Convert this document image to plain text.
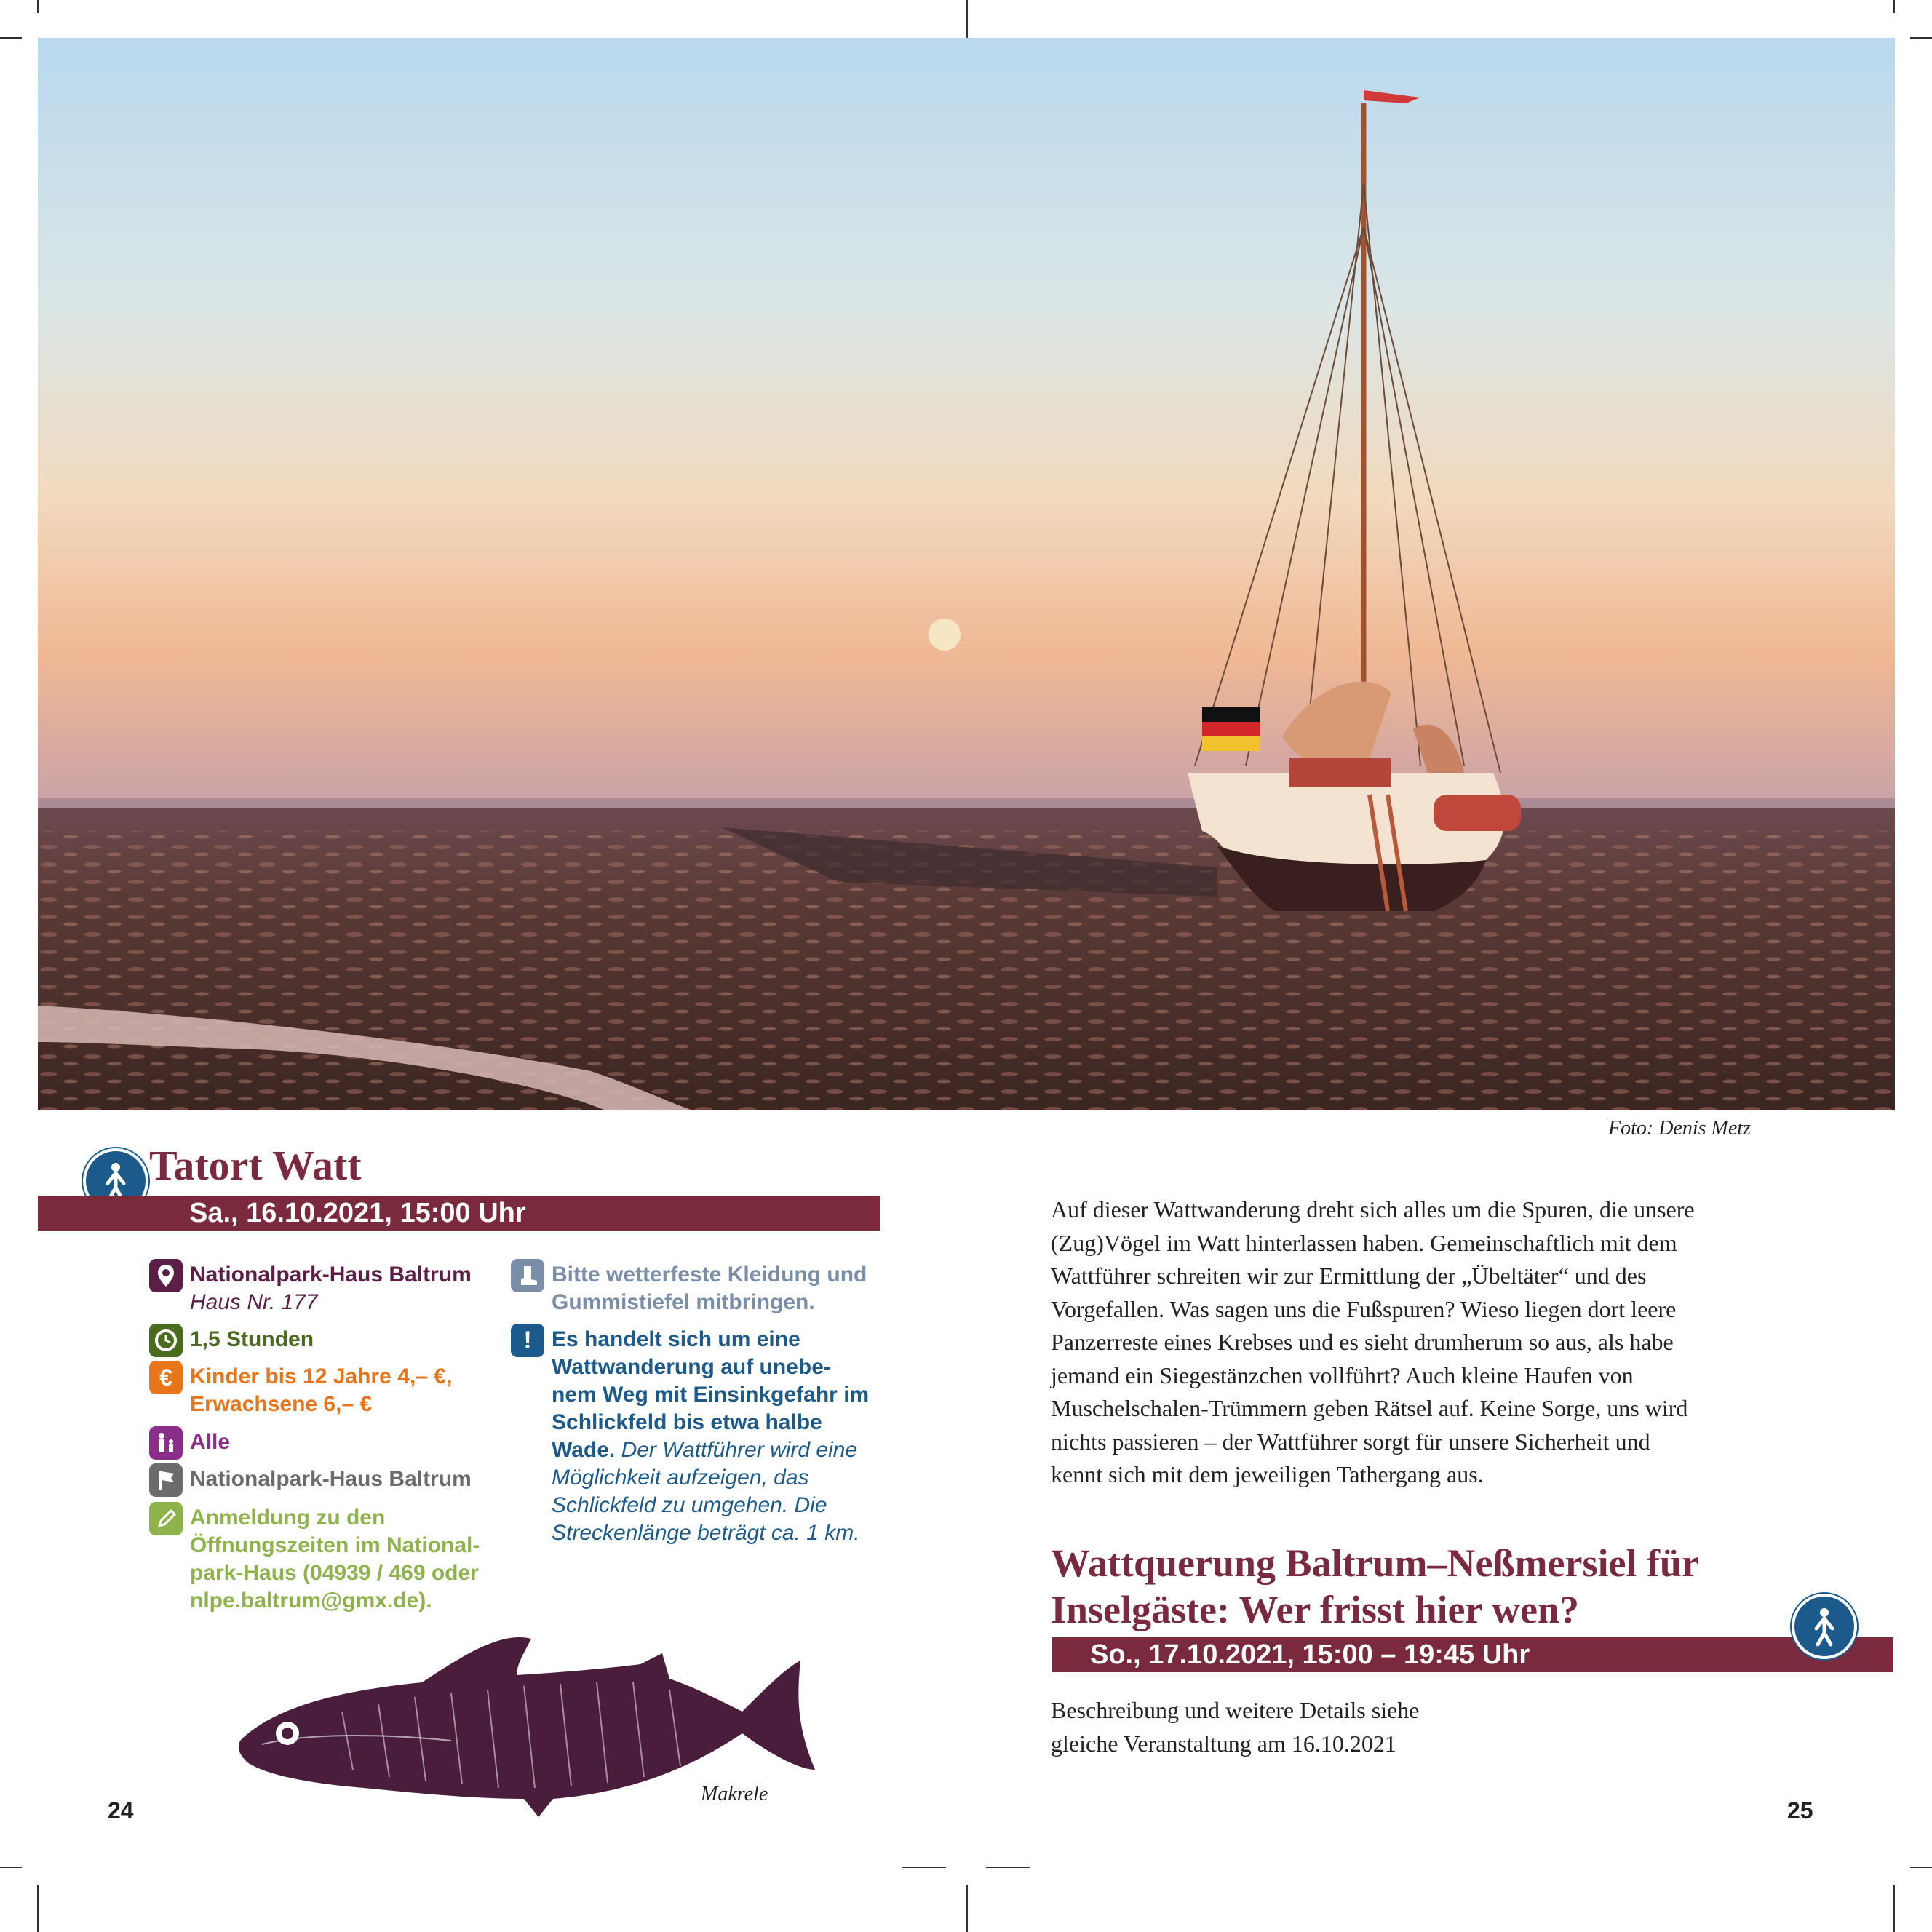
Foto: Denis Metz
Tatort Watt
Sa., 16.10.2021, 15:00 Uhr
Nationalpark-Haus Baltrum
Haus Nr. 177
1,5 Stunden
€ Kinder bis 12 Jahre 4,– €,
Erwachsene 6,– €
Alle
Nationalpark-Haus Baltrum
Anmeldung zu den
Öffnungszeiten im National-
park-Haus (04939 / 469 oder
nlpe.baltrum@gmx.de).
Bitte wetterfeste Kleidung und
Gummistiefel mitbringen.
! Es handelt sich um eine
Wattwanderung auf unebe-
nem Weg mit Einsinkgefahr im
Schlickfeld bis etwa halbe
Wade. Der Wattführer wird eine
Möglichkeit aufzeigen, das
Schlickfeld zu umgehen. Die
Streckenlänge beträgt ca. 1 km.
Makrele
Auf dieser Wattwanderung dreht sich alles um die Spuren, die unsere
(Zug)Vögel im Watt hinterlassen haben. Gemeinschaftlich mit dem
Wattführer schreiten wir zur Ermittlung der „Übeltäter“ und des
Vorgefallen. Was sagen uns die Fußspuren? Wieso liegen dort leere
Panzerreste eines Krebses und es sieht drumherum so aus, als habe
jemand ein Siegestänzchen vollführt? Auch kleine Haufen von
Muschelschalen-Trümmern geben Rätsel auf. Keine Sorge, uns wird
nichts passieren – der Wattführer sorgt für unsere Sicherheit und
kennt sich mit dem jeweiligen Tathergang aus.
Wattquerung Baltrum–Neßmersiel für
Inselgäste: Wer frisst hier wen?
So., 17.10.2021, 15:00 – 19:45 Uhr
Beschreibung und weitere Details siehe
gleiche Veranstaltung am 16.10.2021
24	25
